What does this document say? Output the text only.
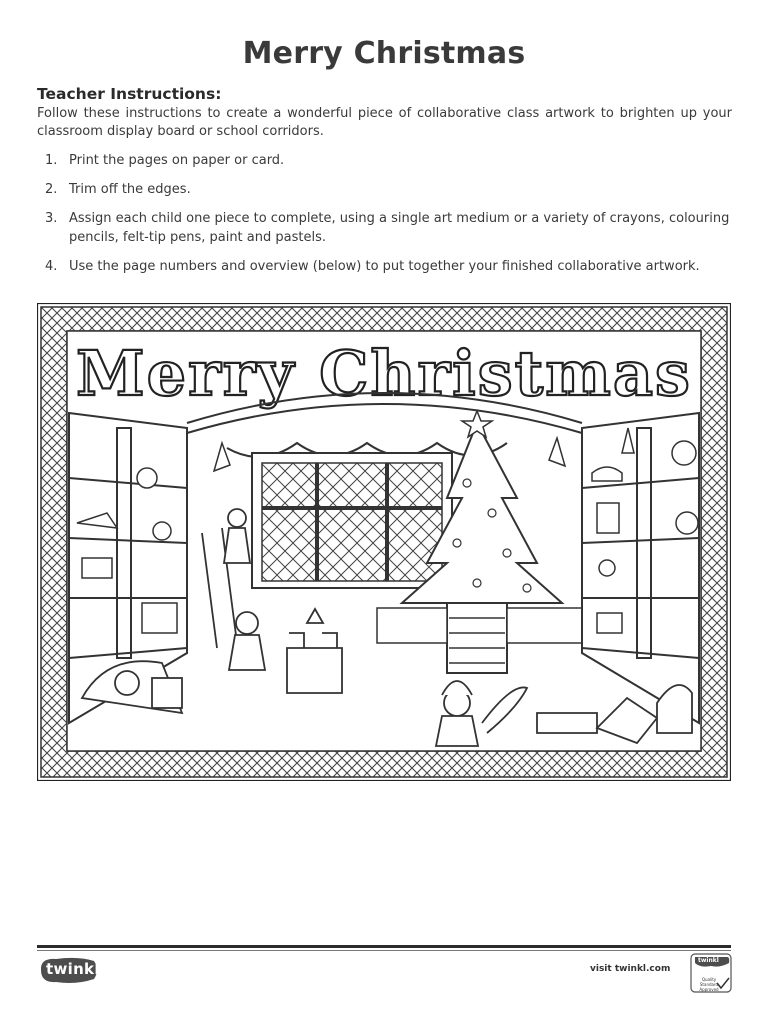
Merry Christmas
Teacher Instructions:
Follow these instructions to create a wonderful piece of collaborative class artwork to brighten up your classroom display board or school corridors.
1. Print the pages on paper or card.
2. Trim off the edges.
3. Assign each child one piece to complete, using a single art medium or a variety of crayons, colouring pencils, felt-tip pens, paint and pastels.
4. Use the page numbers and overview (below) to put together your finished collaborative artwork.
Merry Christmas
twinkl	visit twinkl.com
twinkl
Quality Standard Approved
